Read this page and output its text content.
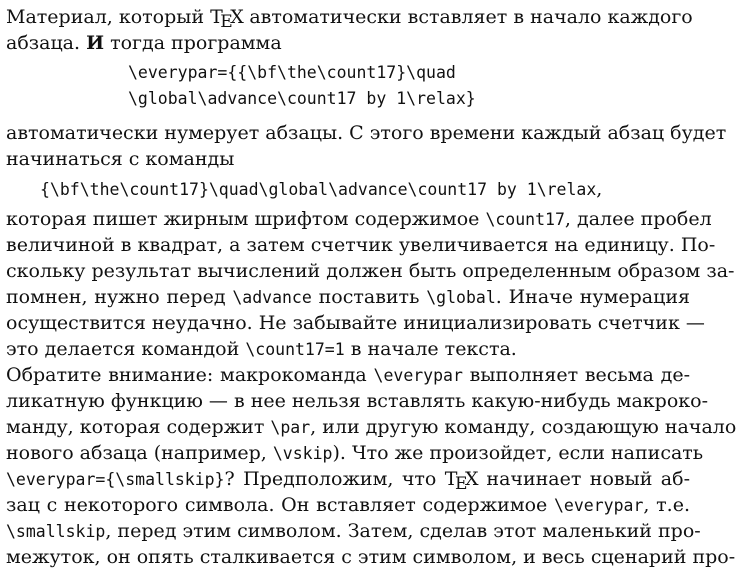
Материал, который TEX автоматически вставляет в начало каждого
абзаца. И тогда программа
\everypar={{\bf\the\count17}\quad
\global\advance\count17 by 1\relax}
автоматически нумерует абзацы. С этого времени каждый абзац будет
начинаться с команды
{\bf\the\count17}\quad\global\advance\count17 by 1\relax,
которая пишет жирным шрифтом содержимое \count17, далее пробел
величиной в квадрат, а затем счетчик увеличивается на единицу. По-
скольку результат вычислений должен быть определенным образом за-
помнен, нужно перед \advance поставить \global. Иначе нумерация
осуществится неудачно. Не забывайте инициализировать счетчик —
это делается командой \count17=1 в начале текста.
Обратите внимание: макрокоманда \everypar выполняет весьма де-
ликатную функцию — в нее нельзя вставлять какую-нибудь макроко-
манду, которая содержит \par, или другую команду, создающую начало
нового абзаца (например, \vskip). Что же произойдет, если написать
\everypar={\smallskip}? Предположим, что TEX начинает новый аб-
зац с некоторого символа. Он вставляет содержимое \everypar, т.е.
\smallskip, перед этим символом. Затем, сделав этот маленький про-
межуток, он опять сталкивается с этим символом, и весь сценарий про-
